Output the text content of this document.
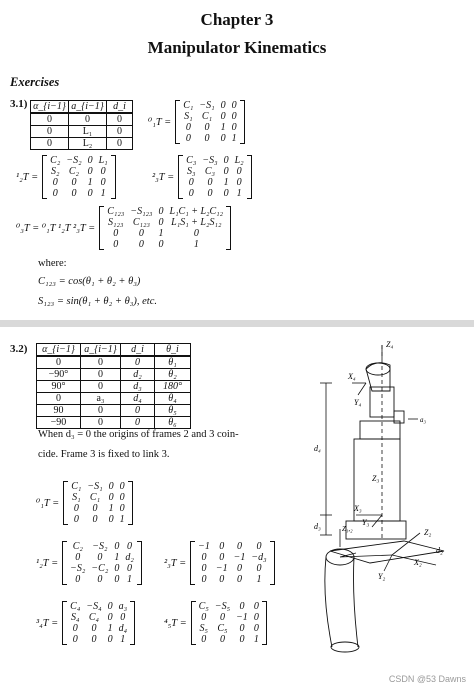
Chapter 3
Manipulator Kinematics
Exercises
3.1) α_{i−1}	a_{i−1}	d_i
0	0	0
0	L₁	0
0	L₂	0
⁰₁T =
C₁	−S₁	0	0
S₁	C₁	0	0
0	0	1	0
0	0	0	1
¹₂T =
C₂	−S₂	0	L₁
S₂	C₂	0	0
0	0	1	0
0	0	0	1
²₃T =
C₃	−S₃	0	L₂
S₃	C₃	0	0
0	0	1	0
0	0	0	1
⁰₃T = ⁰₁T ¹₂T ²₃T =
C₁₂₃	−S₁₂₃	0	L₁C₁ + L₂C₁₂
S₁₂₃	C₁₂₃	0	L₁S₁ + L₂S₁₂
0	0	1	0
0	0	0	1
where:
C₁₂₃ = cos(θ₁ + θ₂ + θ₃)
S₁₂₃ = sin(θ₁ + θ₂ + θ₃), etc.
3.2) α_{i−1}	a_{i−1}	d_i	θ_i
0	0	0	θ₁
−90°	0	d₂	θ₂
90°	0	d₃	180°
0	a₃	d₄	θ₄
90	0	0	θ₅
−90	0	0	θ₆
When d₃ = 0 the origins of frames 2 and 3 coin-
cide. Frame 3 is fixed to link 3.
⁰₁T =
C₁	−S₁	0	0
S₁	C₁	0	0
0	0	1	0
0	0	0	1
¹₂T =
C₂	−S₂	0	0
0	0	1	d₂
−S₂	−C₂	0	0
0	0	0	1
²₃T =
−1	0	0	0
0	0	−1	−d₃
0	−1	0	0
0	0	0	1
³₄T =
C₄	−S₄	0	a₃
S₄	C₄	0	0
0	0	1	d₄
0	0	0	1
⁴₅T =
C₅	−S₅	0	0
0	0	−1	0
S₅	C₅	0	0
0	0	0	1
Z₄
X₄
Y₄
a₃
d₄
Z₃
X₃
d₃	Z₁,₂
Y₃
Z₂
X₂
d₂
Y₂
CSDN @53 Dawns
